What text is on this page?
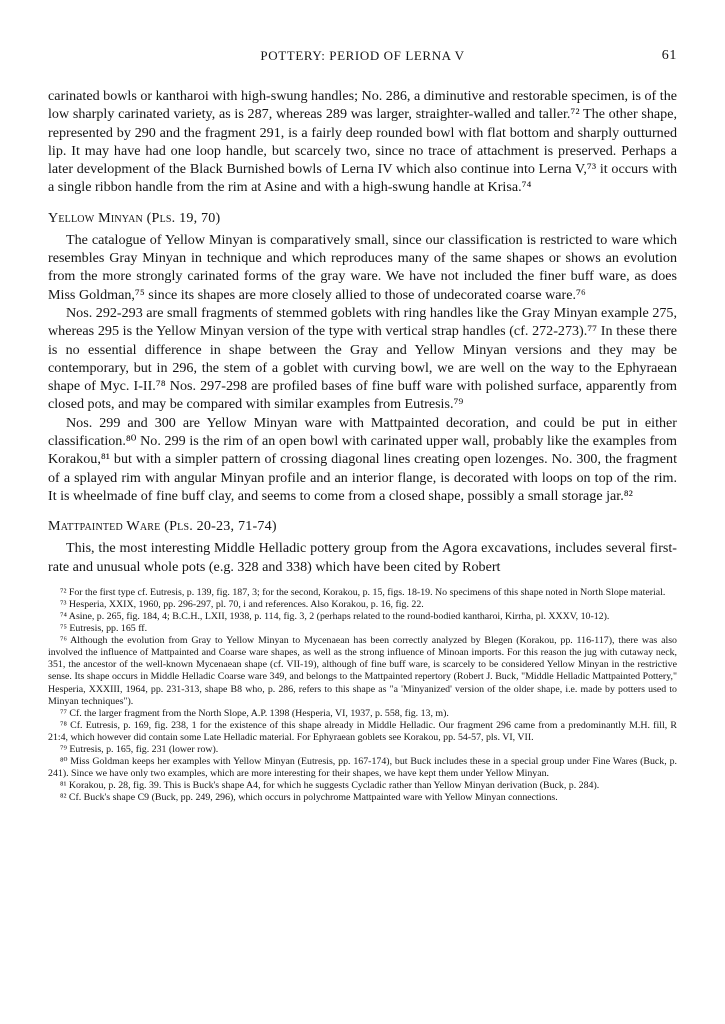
POTTERY: PERIOD OF LERNA V	61

carinated bowls or kantharoi with high-swung handles; No. 286, a diminutive and restorable specimen, is of the low sharply carinated variety, as is 287, whereas 289 was larger, straighter-walled and taller.⁷² The other shape, represented by 290 and the fragment 291, is a fairly deep rounded bowl with flat bottom and sharply outturned lip. It may have had one loop handle, but scarcely two, since no trace of attachment is preserved. Perhaps a later development of the Black Burnished bowls of Lerna IV which also continue into Lerna V,⁷³ it occurs with a single ribbon handle from the rim at Asine and with a high-swung handle at Krisa.⁷⁴

Yellow Minyan (Pls. 19, 70)

The catalogue of Yellow Minyan is comparatively small, since our classification is restricted to ware which resembles Gray Minyan in technique and which reproduces many of the same shapes or shows an evolution from the more strongly carinated forms of the gray ware. We have not included the finer buff ware, as does Miss Goldman,⁷⁵ since its shapes are more closely allied to those of undecorated coarse ware.⁷⁶

Nos. 292-293 are small fragments of stemmed goblets with ring handles like the Gray Minyan example 275, whereas 295 is the Yellow Minyan version of the type with vertical strap handles (cf. 272-273).⁷⁷ In these there is no essential difference in shape between the Gray and Yellow Minyan versions and they may be contemporary, but in 296, the stem of a goblet with curving bowl, we are well on the way to the Ephyraean shape of Myc. I-II.⁷⁸ Nos. 297-298 are profiled bases of fine buff ware with polished surface, apparently from closed pots, and may be compared with similar examples from Eutresis.⁷⁹

Nos. 299 and 300 are Yellow Minyan ware with Mattpainted decoration, and could be put in either classification.⁸⁰ No. 299 is the rim of an open bowl with carinated upper wall, probably like the examples from Korakou,⁸¹ but with a simpler pattern of crossing diagonal lines creating open lozenges. No. 300, the fragment of a splayed rim with angular Minyan profile and an interior flange, is decorated with loops on top of the rim. It is wheelmade of fine buff clay, and seems to come from a closed shape, possibly a small storage jar.⁸²

Mattpainted Ware (Pls. 20-23, 71-74)

This, the most interesting Middle Helladic pottery group from the Agora excavations, includes several first-rate and unusual whole pots (e.g. 328 and 338) which have been cited by Robert

⁷² For the first type cf. Eutresis, p. 139, fig. 187, 3; for the second, Korakou, p. 15, figs. 18-19. No specimens of this shape noted in North Slope material.

⁷³ Hesperia, XXIX, 1960, pp. 296-297, pl. 70, i and references. Also Korakou, p. 16, fig. 22.

⁷⁴ Asine, p. 265, fig. 184, 4; B.C.H., LXII, 1938, p. 114, fig. 3, 2 (perhaps related to the round-bodied kantharoi, Kirrha, pl. XXXV, 10-12).

⁷⁵ Eutresis, pp. 165 ff.

⁷⁶ Although the evolution from Gray to Yellow Minyan to Mycenaean has been correctly analyzed by Blegen (Korakou, pp. 116-117), there was also involved the influence of Mattpainted and Coarse ware shapes, as well as the strong influence of Minoan imports. For this reason the jug with cutaway neck, 351, the ancestor of the well-known Mycenaean shape (cf. VII-19), although of fine buff ware, is scarcely to be considered Yellow Minyan in the restrictive sense. Its shape occurs in Middle Helladic Coarse ware 349, and belongs to the Mattpainted repertory (Robert J. Buck, "Middle Helladic Mattpainted Pottery," Hesperia, XXXIII, 1964, pp. 231-313, shape B8 who, p. 286, refers to this shape as "a 'Minyanized' version of the older shape, i.e. made by potters used to Minyan techniques").

⁷⁷ Cf. the larger fragment from the North Slope, A.P. 1398 (Hesperia, VI, 1937, p. 558, fig. 13, m).

⁷⁸ Cf. Eutresis, p. 169, fig. 238, 1 for the existence of this shape already in Middle Helladic. Our fragment 296 came from a predominantly M.H. fill, R 21:4, which however did contain some Late Helladic material. For Ephyraean goblets see Korakou, pp. 54-57, pls. VI, VII.

⁷⁹ Eutresis, p. 165, fig. 231 (lower row).

⁸⁰ Miss Goldman keeps her examples with Yellow Minyan (Eutresis, pp. 167-174), but Buck includes these in a special group under Fine Wares (Buck, p. 241). Since we have only two examples, which are more interesting for their shapes, we have kept them under Yellow Minyan.

⁸¹ Korakou, p. 28, fig. 39. This is Buck's shape A4, for which he suggests Cycladic rather than Yellow Minyan derivation (Buck, p. 284).

⁸² Cf. Buck's shape C9 (Buck, pp. 249, 296), which occurs in polychrome Mattpainted ware with Yellow Minyan connections.
